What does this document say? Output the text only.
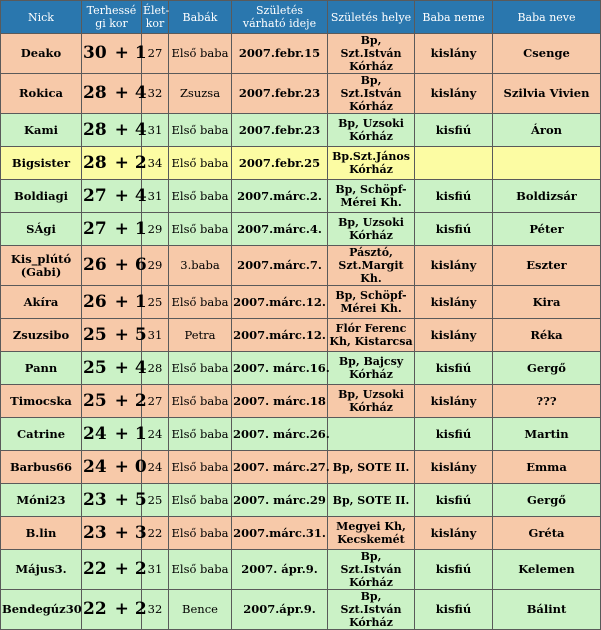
Nick	Terhessé gi kor	Élet-kor	Babák	Születés várható ideje	Születés helye	Baba neme	Baba neve
Deako	30 + 1	27	Első baba	2007.febr.15	Bp, Szt.István Kórház	kislány	Csenge
Rokica	28 + 4	32	Zsuzsa	2007.febr.23	Bp, Szt.István Kórház	kislány	Szilvia Vivien
Kami	28 + 4	31	Első baba	2007.febr.23	Bp, Uzsoki Kórház	kisfiú	Áron
Bigsister	28 + 2	34	Első baba	2007.febr.25	Bp.Szt.János Kórház		
Boldiagi	27 + 4	31	Első baba	2007.márc.2.	Bp, Schöpf-Mérei Kh.	kisfiú	Boldizsár
SÁgi	27 + 1	29	Első baba	2007.márc.4.	Bp, Uzsoki Kórház	kisfiú	Péter
Kis_plútó (Gabi)	26 + 6	29	3.baba	2007.márc.7.	Pásztó, Szt.Margit Kh.	kislány	Eszter
Akíra	26 + 1	25	Első baba	2007.márc.12.	Bp, Schöpf-Mérei Kh.	kislány	Kira
Zsuzsibo	25 + 5	31	Petra	2007.márc.12.	Flór Ferenc Kh, Kistarcsa	kislány	Réka
Pann	25 + 4	28	Első baba	2007. márc.16.	Bp, Bajcsy Kórház	kisfiú	Gergő
Timocska	25 + 2	27	Első baba	2007. márc.18	Bp, Uzsoki Kórház	kislány	???
Catrine	24 + 1	24	Első baba	2007. márc.26.		kisfiú	Martin
Barbus66	24 + 0	24	Első baba	2007. márc.27.	Bp, SOTE II.	kislány	Emma
Móni23	23 + 5	25	Első baba	2007. márc.29	Bp, SOTE II.	kisfiú	Gergő
B.lin	23 + 3	22	Első baba	2007.márc.31.	Megyei Kh, Kecskemét	kislány	Gréta
Május3.	22 + 2	31	Első baba	2007. ápr.9.	Bp, Szt.István Kórház	kisfiú	Kelemen
Bendegúz30	22 + 2	32	Bence	2007.ápr.9.	Bp, Szt.István Kórház	kisfiú	Bálint
